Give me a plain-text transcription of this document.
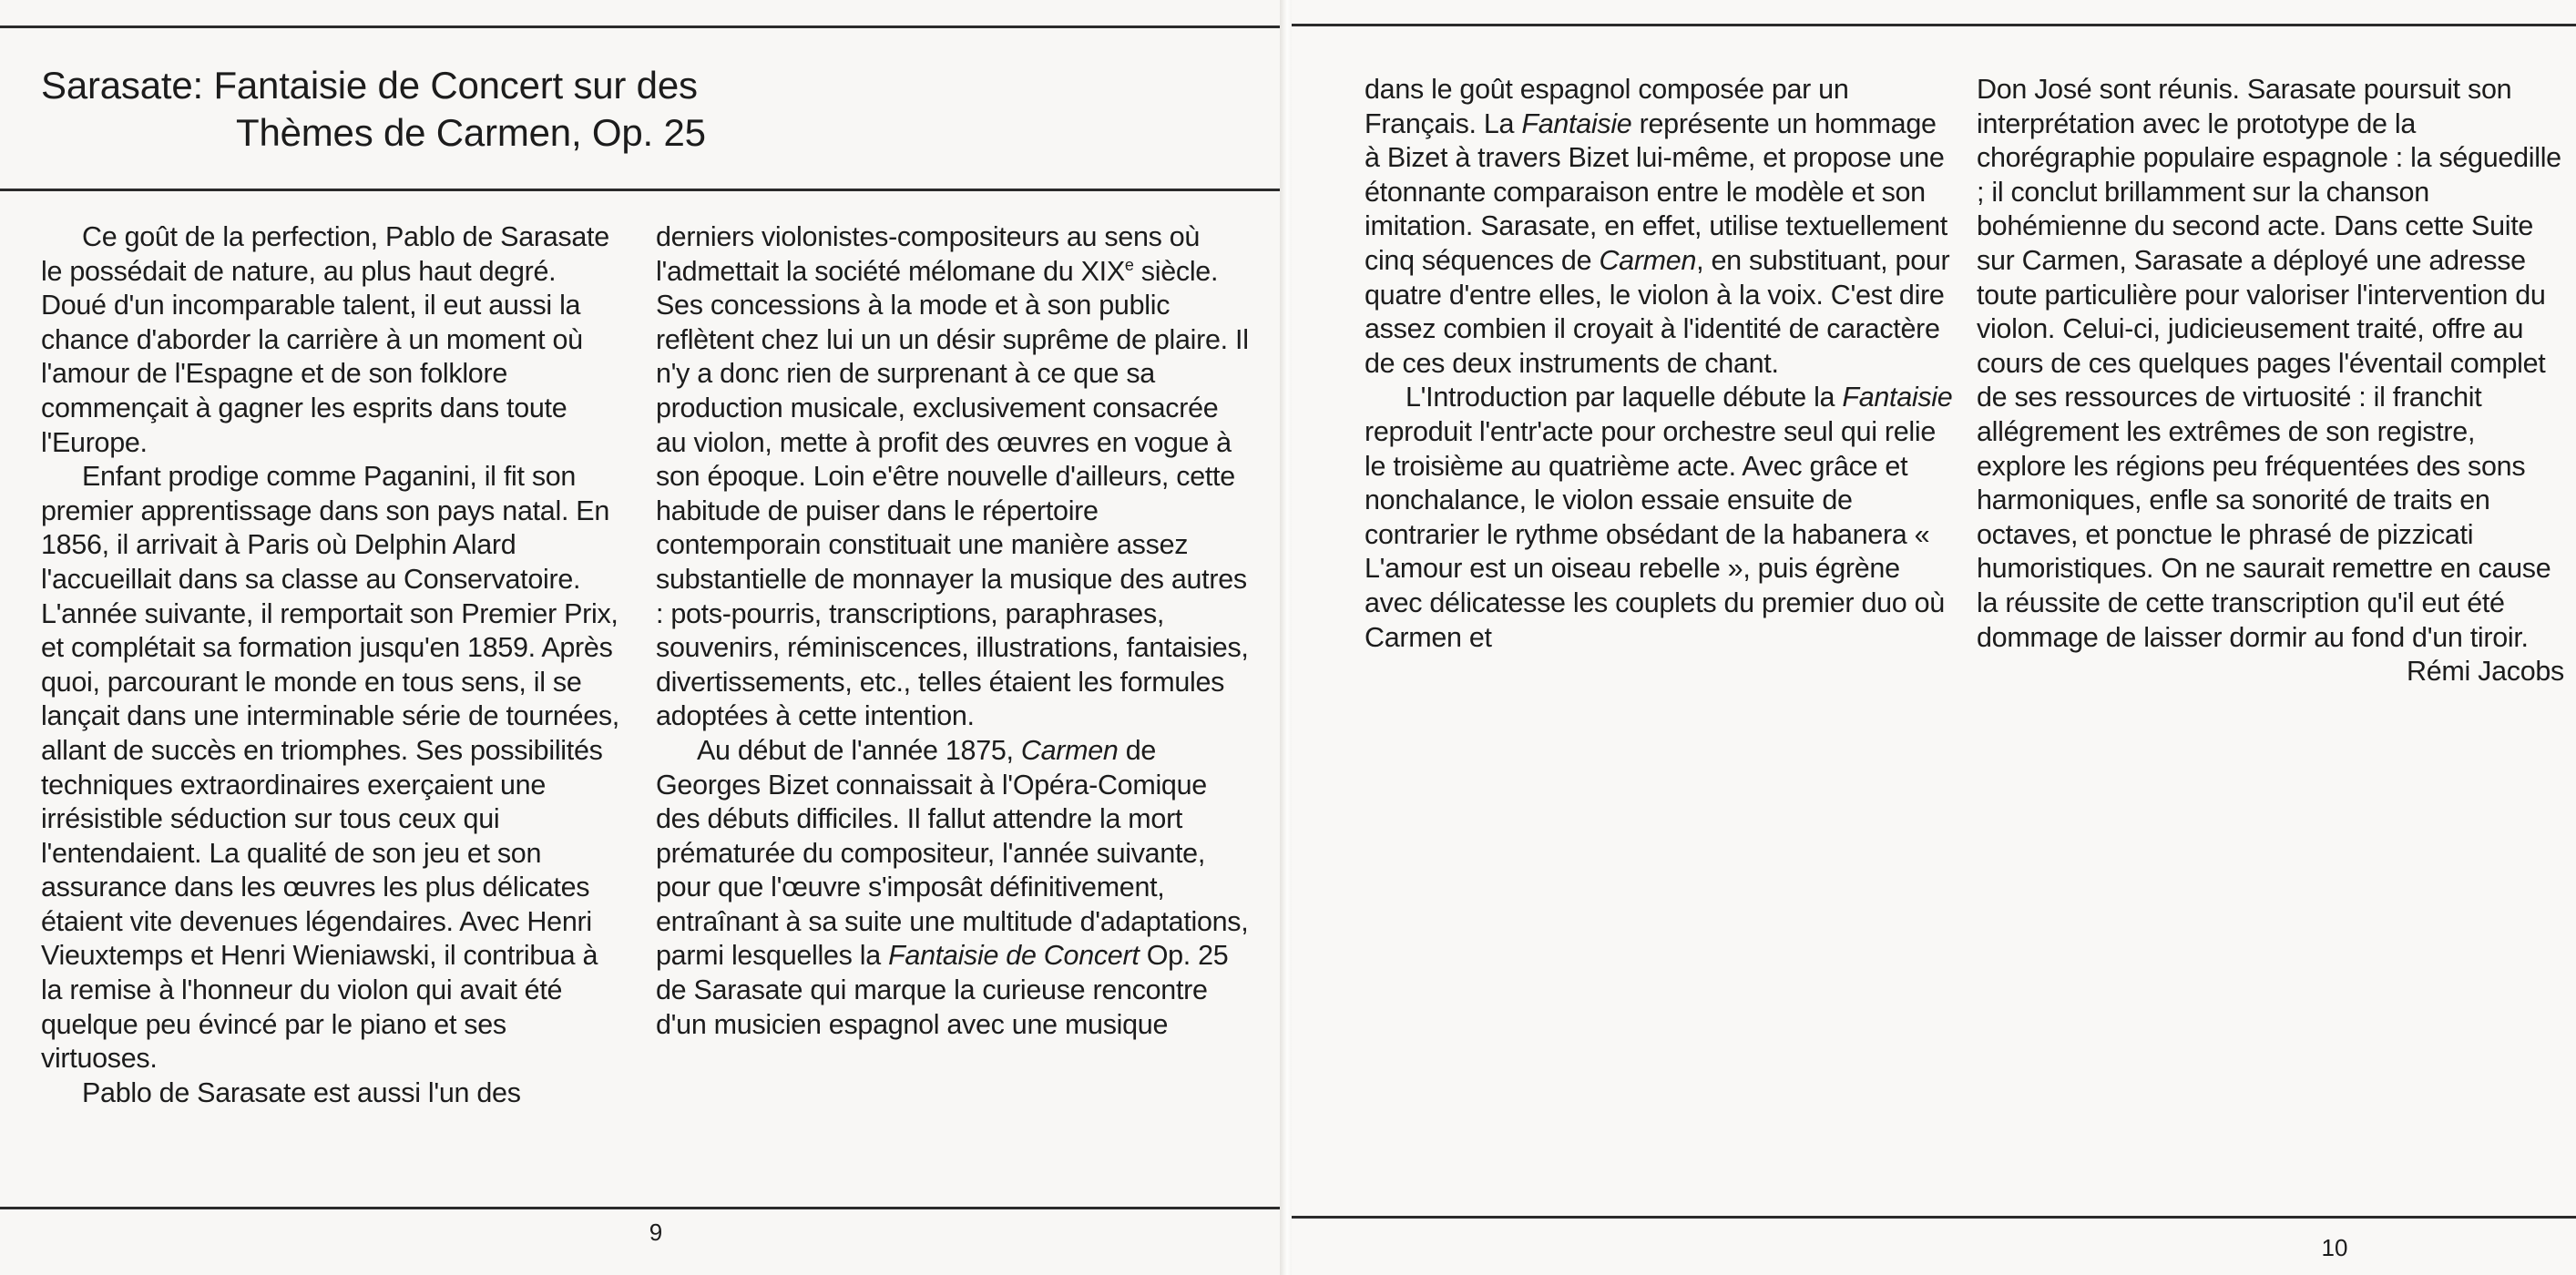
Sarasate: Fantaisie de Concert sur des
Thèmes de Carmen, Op. 25

Ce goût de la perfection, Pablo de Sarasate le possédait de nature, au plus haut degré. Doué d'un incomparable talent, il eut aussi la chance d'aborder la carrière à un moment où l'amour de l'Espagne et de son folklore commençait à gagner les esprits dans toute l'Europe.

Enfant prodige comme Paganini, il fit son premier apprentissage dans son pays natal. En 1856, il arrivait à Paris où Delphin Alard l'accueillait dans sa classe au Conservatoire. L'année suivante, il remportait son Premier Prix, et complétait sa formation jusqu'en 1859. Après quoi, parcourant le monde en tous sens, il se lançait dans une interminable série de tournées, allant de succès en triomphes. Ses possibilités techniques extraordinaires exerçaient une irrésistible séduction sur tous ceux qui l'entendaient. La qualité de son jeu et son assurance dans les œuvres les plus délicates étaient vite devenues légendaires. Avec Henri Vieuxtemps et Henri Wieniawski, il contribua à la remise à l'honneur du violon qui avait été quelque peu évincé par le piano et ses virtuoses.

Pablo de Sarasate est aussi l'un des

derniers violonistes-compositeurs au sens où l'admettait la société mélomane du XIXe siècle. Ses concessions à la mode et à son public reflètent chez lui un un désir suprême de plaire. Il n'y a donc rien de surprenant à ce que sa production musicale, exclusivement consacrée au violon, mette à profit des œuvres en vogue à son époque. Loin e'être nouvelle d'ailleurs, cette habitude de puiser dans le répertoire contemporain constituait une manière assez substantielle de monnayer la musique des autres : pots-pourris, transcriptions, paraphrases, souvenirs, réminiscences, illustrations, fantaisies, divertissements, etc., telles étaient les formules adoptées à cette intention.

Au début de l'année 1875, Carmen de Georges Bizet connaissait à l'Opéra-Comique des débuts difficiles. Il fallut attendre la mort prématurée du compositeur, l'année suivante, pour que l'œuvre s'imposât définitivement, entraînant à sa suite une multitude d'adaptations, parmi lesquelles la Fantaisie de Concert Op. 25 de Sarasate qui marque la curieuse rencontre d'un musicien espagnol avec une musique

9

dans le goût espagnol composée par un Français. La Fantaisie représente un hommage à Bizet à travers Bizet lui-même, et propose une étonnante comparaison entre le modèle et son imitation. Sarasate, en effet, utilise textuellement cinq séquences de Carmen, en substituant, pour quatre d'entre elles, le violon à la voix. C'est dire assez combien il croyait à l'identité de caractère de ces deux instruments de chant.

L'Introduction par laquelle débute la Fantaisie reproduit l'entr'acte pour orchestre seul qui relie le troisième au quatrième acte. Avec grâce et nonchalance, le violon essaie ensuite de contrarier le rythme obsédant de la habanera « L'amour est un oiseau rebelle », puis égrène avec délicatesse les couplets du premier duo où Carmen et

Don José sont réunis. Sarasate poursuit son interprétation avec le prototype de la chorégraphie populaire espagnole : la séguedille ; il conclut brillamment sur la chanson bohémienne du second acte. Dans cette Suite sur Carmen, Sarasate a déployé une adresse toute particulière pour valoriser l'intervention du violon. Celui-ci, judicieusement traité, offre au cours de ces quelques pages l'éventail complet de ses ressources de virtuosité : il franchit allégrement les extrêmes de son registre, explore les régions peu fréquentées des sons harmoniques, enfle sa sonorité de traits en octaves, et ponctue le phrasé de pizzicati humoristiques. On ne saurait remettre en cause la réussite de cette transcription qu'il eut été dommage de laisser dormir au fond d'un tiroir.

Rémi Jacobs

10
